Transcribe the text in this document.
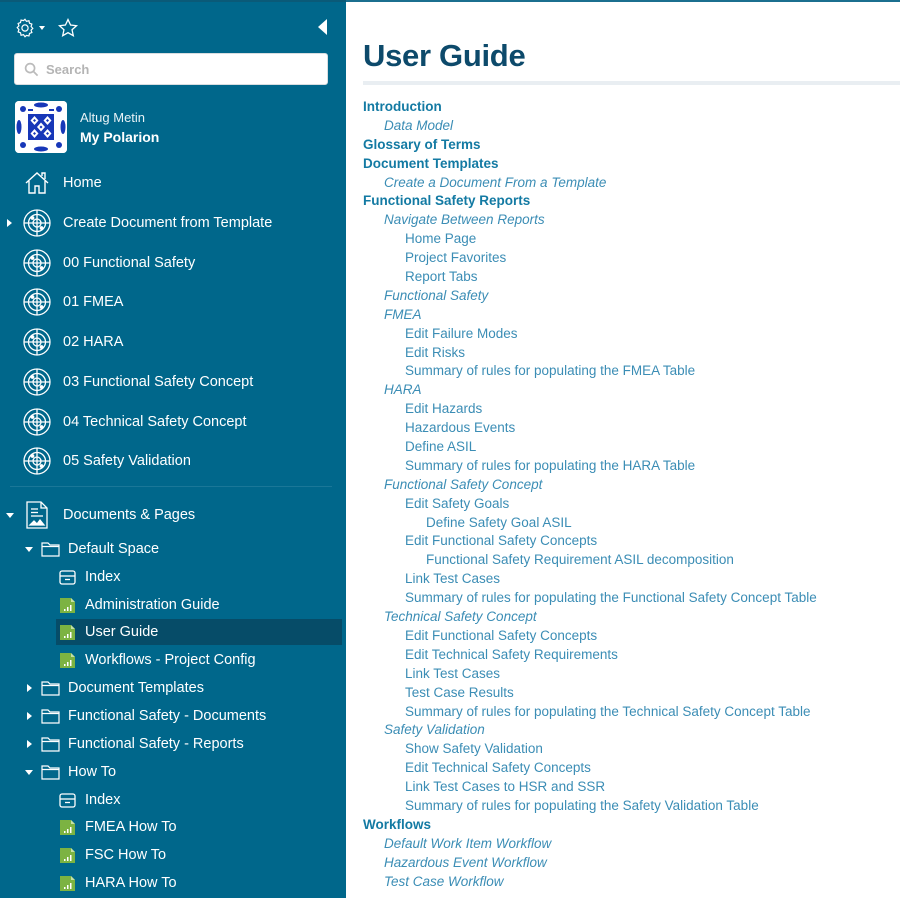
Search
Altug Metin
My Polarion
Home
Create Document from Template
00 Functional Safety
01 FMEA
02 HARA
03 Functional Safety Concept
04 Technical Safety Concept
05 Safety Validation
Documents & Pages
Default Space
Index
Administration Guide
User Guide
Workflows - Project Config
Document Templates
Functional Safety - Documents
Functional Safety - Reports
How To
Index
FMEA How To
FSC How To
HARA How To
User Guide
Introduction
Data Model
Glossary of Terms
Document Templates
Create a Document From a Template
Functional Safety Reports
Navigate Between Reports
Home Page
Project Favorites
Report Tabs
Functional Safety
FMEA
Edit Failure Modes
Edit Risks
Summary of rules for populating the FMEA Table
HARA
Edit Hazards
Hazardous Events
Define ASIL
Summary of rules for populating the HARA Table
Functional Safety Concept
Edit Safety Goals
Define Safety Goal ASIL
Edit Functional Safety Concepts
Functional Safety Requirement ASIL decomposition
Link Test Cases
Summary of rules for populating the Functional Safety Concept Table
Technical Safety Concept
Edit Functional Safety Concepts
Edit Technical Safety Requirements
Link Test Cases
Test Case Results
Summary of rules for populating the Technical Safety Concept Table
Safety Validation
Show Safety Validation
Edit Technical Safety Concepts
Link Test Cases to HSR and SSR
Summary of rules for populating the Safety Validation Table
Workflows
Default Work Item Workflow
Hazardous Event Workflow
Test Case Workflow
